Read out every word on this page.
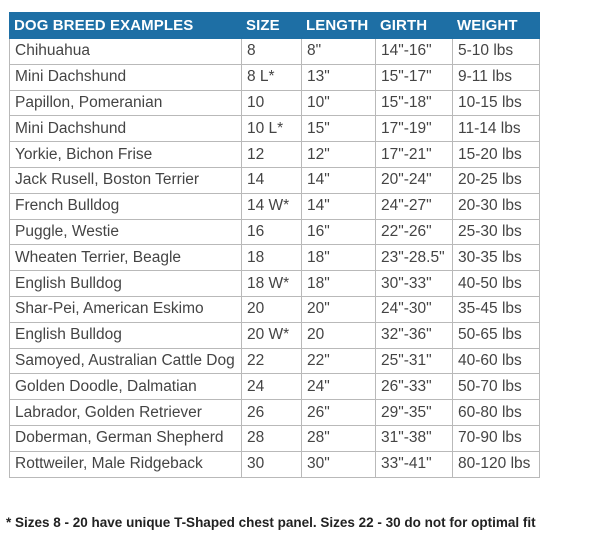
DOG BREED EXAMPLES	SIZE	LENGTH	GIRTH	WEIGHT
Chihuahua	8	8"	14"-16"	5-10 lbs
Mini Dachshund	8 L*	13"	15"-17"	9-11 lbs
Papillon, Pomeranian	10	10"	15"-18"	10-15 lbs
Mini Dachshund	10 L*	15"	17"-19"	11-14 lbs
Yorkie, Bichon Frise	12	12"	17"-21"	15-20 lbs
Jack Rusell, Boston Terrier	14	14"	20"-24"	20-25 lbs
French Bulldog	14 W*	14"	24"-27"	20-30 lbs
Puggle, Westie	16	16"	22"-26"	25-30 lbs
Wheaten Terrier, Beagle	18	18"	23"-28.5"	30-35 lbs
English Bulldog	18 W*	18"	30"-33"	40-50 lbs
Shar-Pei, American Eskimo	20	20"	24"-30"	35-45 lbs
English Bulldog	20 W*	20	32"-36"	50-65 lbs
Samoyed, Australian Cattle Dog	22	22"	25"-31"	40-60 lbs
Golden Doodle, Dalmatian	24	24"	26"-33"	50-70 lbs
Labrador, Golden Retriever	26	26"	29"-35"	60-80 lbs
Doberman, German Shepherd	28	28"	31"-38"	70-90 lbs
Rottweiler, Male Ridgeback	30	30"	33"-41"	80-120 lbs
* Sizes 8 - 20 have unique T-Shaped chest panel. Sizes 22 - 30 do not for optimal fit
